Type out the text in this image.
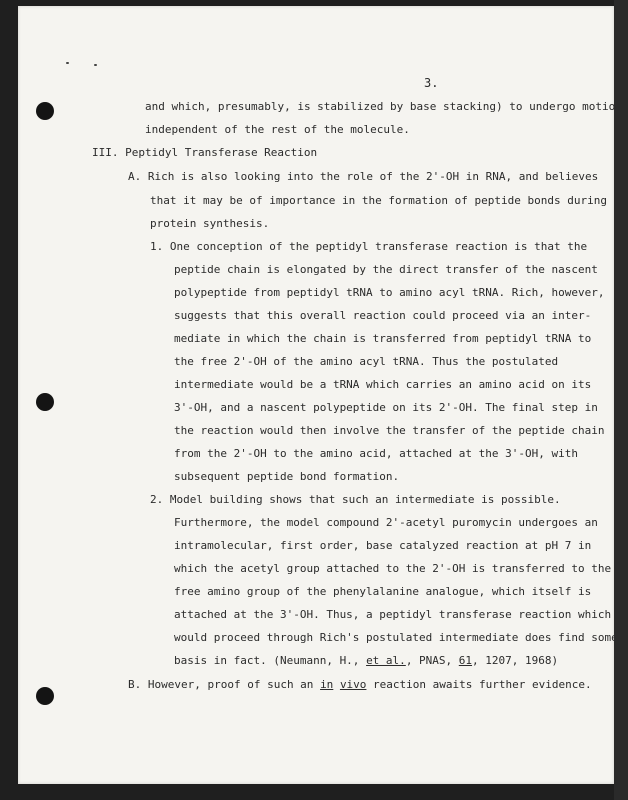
3.
and which, presumably, is stabilized by base stacking) to undergo motion
independent of the rest of the molecule.
III. Peptidyl Transferase Reaction
A. Rich is also looking into the role of the 2'-OH in RNA, and believes
that it may be of importance in the formation of peptide bonds during
protein synthesis.
1. One conception of the peptidyl transferase reaction is that the
peptide chain is elongated by the direct transfer of the nascent
polypeptide from peptidyl tRNA to amino acyl tRNA. Rich, however,
suggests that this overall reaction could proceed via an inter-
mediate in which the chain is transferred from peptidyl tRNA to
the free 2'-OH of the amino acyl tRNA. Thus the postulated
intermediate would be a tRNA which carries an amino acid on its
3'-OH, and a nascent polypeptide on its 2'-OH. The final step in
the reaction would then involve the transfer of the peptide chain
from the 2'-OH to the amino acid, attached at the 3'-OH, with
subsequent peptide bond formation.
2. Model building shows that such an intermediate is possible.
Furthermore, the model compound 2'-acetyl puromycin undergoes an
intramolecular, first order, base catalyzed reaction at pH 7 in
which the acetyl group attached to the 2'-OH is transferred to the
free amino group of the phenylalanine analogue, which itself is
attached at the 3'-OH. Thus, a peptidyl transferase reaction which
would proceed through Rich's postulated intermediate does find some
basis in fact. (Neumann, H., et al., PNAS, 61, 1207, 1968)
B. However, proof of such an in vivo reaction awaits further evidence.
